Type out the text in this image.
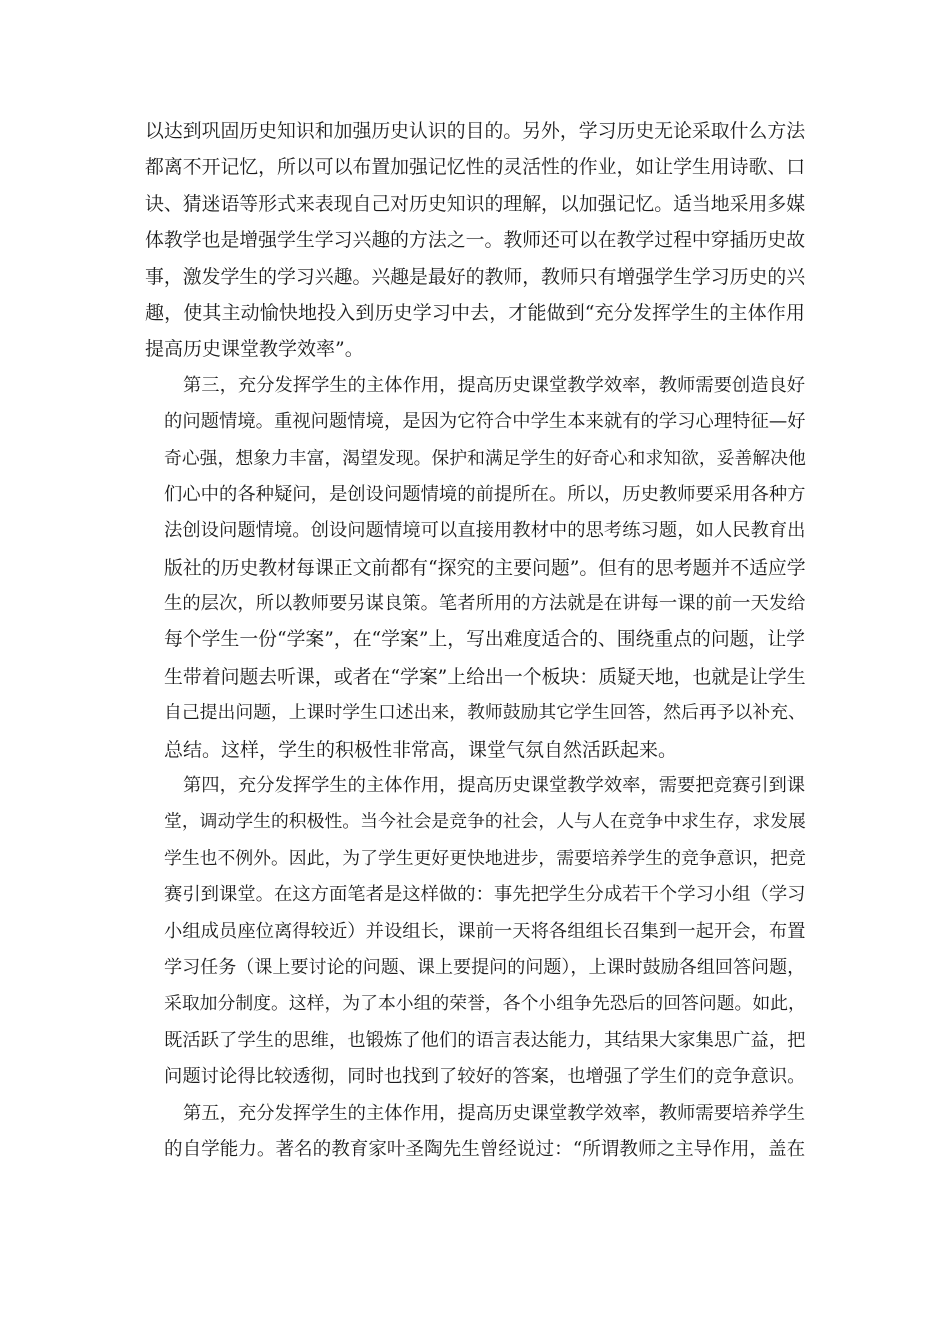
以达到巩固历史知识和加强历史认识的目的。另外，学习历史无论采取什么方法
都离不开记忆，所以可以布置加强记忆性的灵活性的作业，如让学生用诗歌、口
诀、猜迷语等形式来表现自己对历史知识的理解，以加强记忆。适当地采用多媒
体教学也是增强学生学习兴趣的方法之一。教师还可以在教学过程中穿插历史故
事，激发学生的学习兴趣。兴趣是最好的教师，教师只有增强学生学习历史的兴
趣，使其主动愉快地投入到历史学习中去，才能做到“充分发挥学生的主体作用
提高历史课堂教学效率”。
第三，充分发挥学生的主体作用，提高历史课堂教学效率，教师需要创造良好
的问题情境。重视问题情境，是因为它符合中学生本来就有的学习心理特征—好
奇心强，想象力丰富，渴望发现。保护和满足学生的好奇心和求知欲，妥善解决他
们心中的各种疑问，是创设问题情境的前提所在。所以，历史教师要采用各种方
法创设问题情境。创设问题情境可以直接用教材中的思考练习题，如人民教育出
版社的历史教材每课正文前都有“探究的主要问题”。但有的思考题并不适应学
生的层次，所以教师要另谋良策。笔者所用的方法就是在讲每一课的前一天发给
每个学生一份“学案”，在“学案”上，写出难度适合的、围绕重点的问题，让学
生带着问题去听课，或者在“学案”上给出一个板块：质疑天地，也就是让学生
自己提出问题，上课时学生口述出来，教师鼓励其它学生回答，然后再予以补充、
总结。这样，学生的积极性非常高，课堂气氛自然活跃起来。
第四，充分发挥学生的主体作用，提高历史课堂教学效率，需要把竞赛引到课
堂，调动学生的积极性。当今社会是竞争的社会，人与人在竞争中求生存，求发展
学生也不例外。因此，为了学生更好更快地进步，需要培养学生的竞争意识，把竞
赛引到课堂。在这方面笔者是这样做的：事先把学生分成若干个学习小组（学习
小组成员座位离得较近）并设组长，课前一天将各组组长召集到一起开会，布置
学习任务（课上要讨论的问题、课上要提问的问题），上课时鼓励各组回答问题，
采取加分制度。这样，为了本小组的荣誉，各个小组争先恐后的回答问题。如此，
既活跃了学生的思维，也锻炼了他们的语言表达能力，其结果大家集思广益，把
问题讨论得比较透彻，同时也找到了较好的答案，也增强了学生们的竞争意识。
第五，充分发挥学生的主体作用，提高历史课堂教学效率，教师需要培养学生
的自学能力。著名的教育家叶圣陶先生曾经说过：“所谓教师之主导作用，盖在
